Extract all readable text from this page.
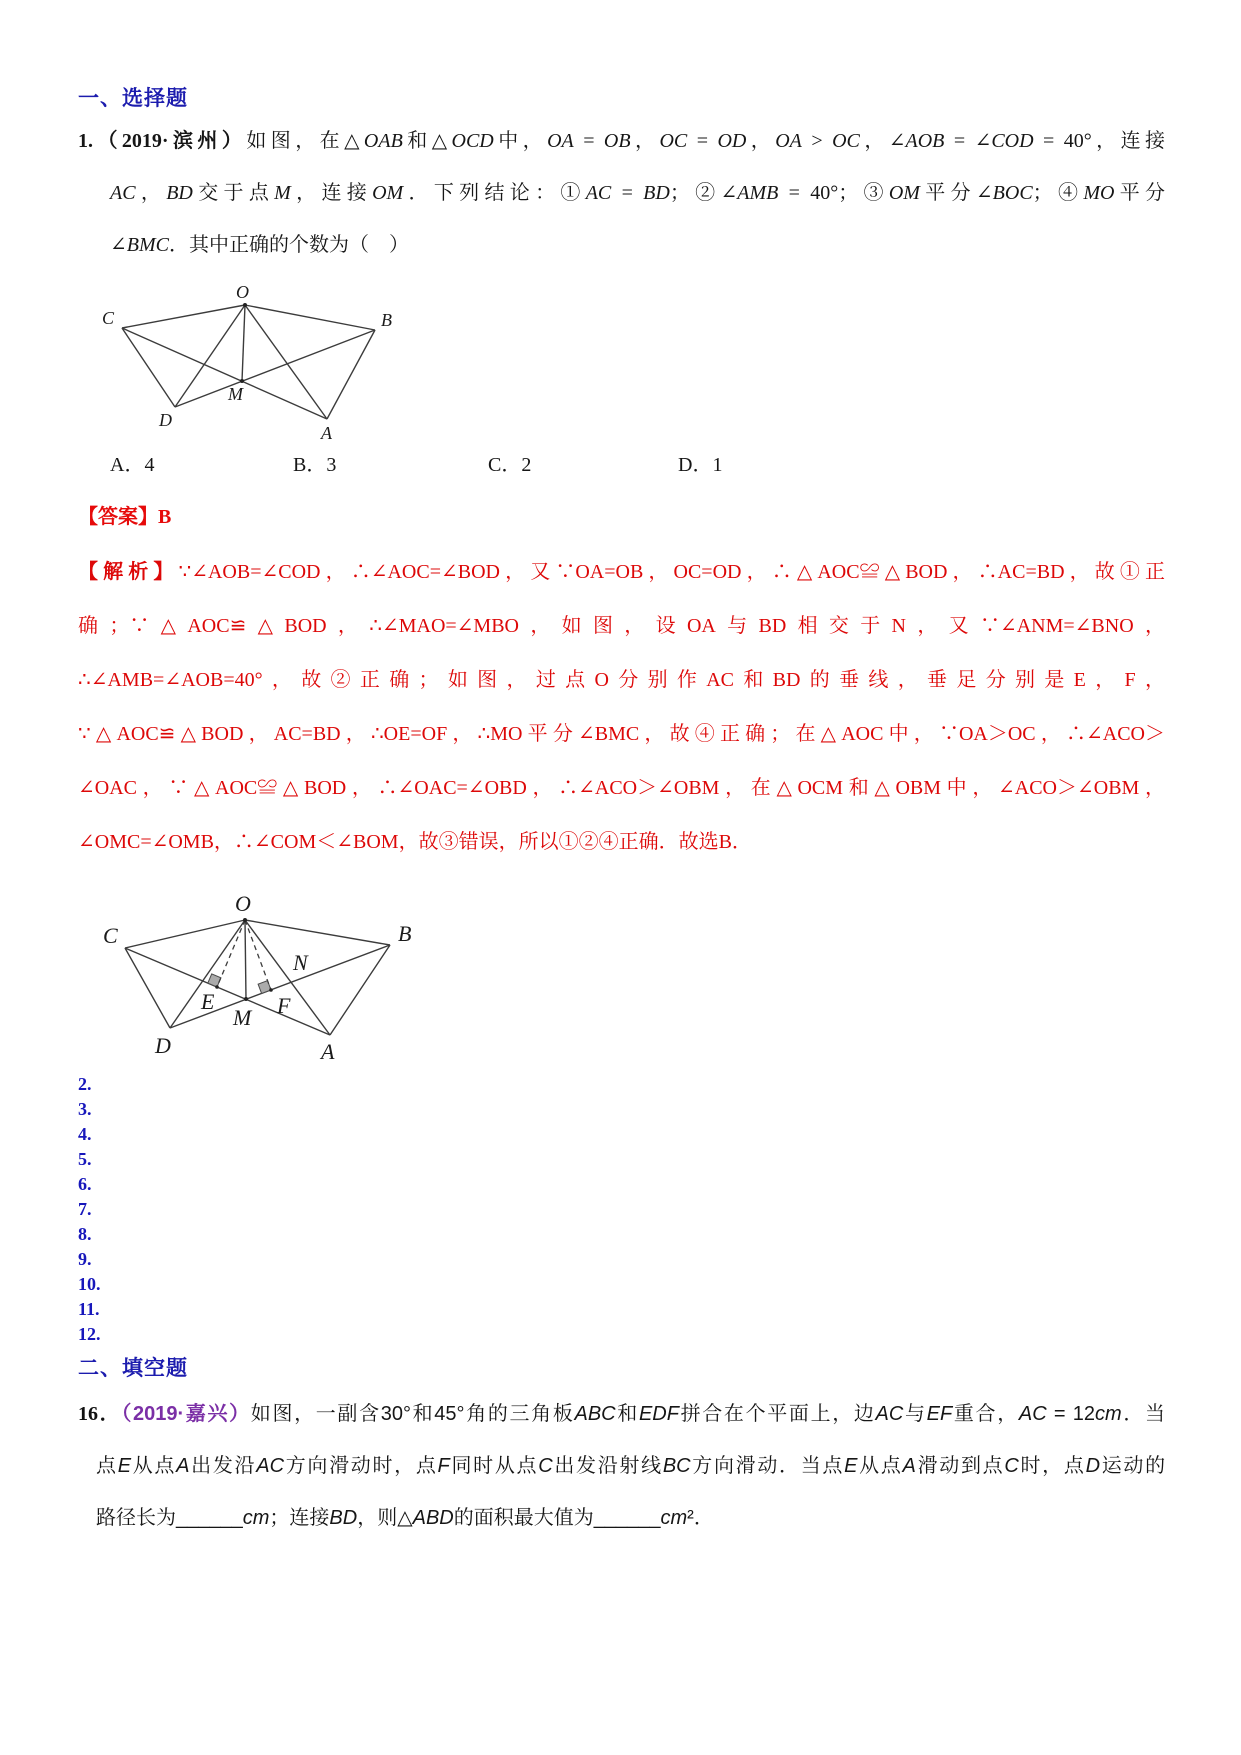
一、选择题
1.（2019·滨州）如图，在△OAB和△OCD中，OA = OB，OC = OD，OA > OC，∠AOB = ∠COD = 40°，连接
AC，BD交于点M，连接OM．下列结论：①AC = BD；②∠AMB = 40°；③OM平分∠BOC；④MO平分
∠BMC．其中正确的个数为（　）
O
C	B
M
D
A
A．4	B．3	C．2	D．1
【答案】B
【解析】∵∠AOB=∠COD，∴∠AOC=∠BOD，又∵OA=OB，OC=OD，∴△AOC≌△BOD，∴AC=BD，故①正
确；∵△AOC≌△BOD，∴∠MAO=∠MBO，如图，设OA与BD相交于N，又∵∠ANM=∠BNO，
∴∠AMB=∠AOB=40°，故②正确；如图，过点O分别作AC和BD的垂线，垂足分别是E，F，
∵△AOC≌△BOD，AC=BD，∴OE=OF，∴MO平分∠BMC，故④正确；在△AOC中，∵OA＞OC，∴∠ACO＞
∠OAC，∵△AOC≌△BOD，∴∠OAC=∠OBD，∴∠ACO＞∠OBM，在△OCM和△OBM中，∠ACO＞∠OBM，
∠OMC=∠OMB，∴∠COM＜∠BOM，故③错误，所以①②④正确．故选B．
O
C	B
N
E	F
M
D	A
2.
3.
4.
5.
6.
7.
8.
9.
10.
11.
12.
二、填空题
16．（2019·嘉兴）如图，一副含30°和45°角的三角板ABC和EDF拼合在个平面上，边AC与EF重合，AC = 12cm．当
点E从点A出发沿AC方向滑动时，点F同时从点C出发沿射线BC方向滑动．当点E从点A滑动到点C时，点D运动的
路径长为______cm；连接BD，则△ABD的面积最大值为______cm²．
